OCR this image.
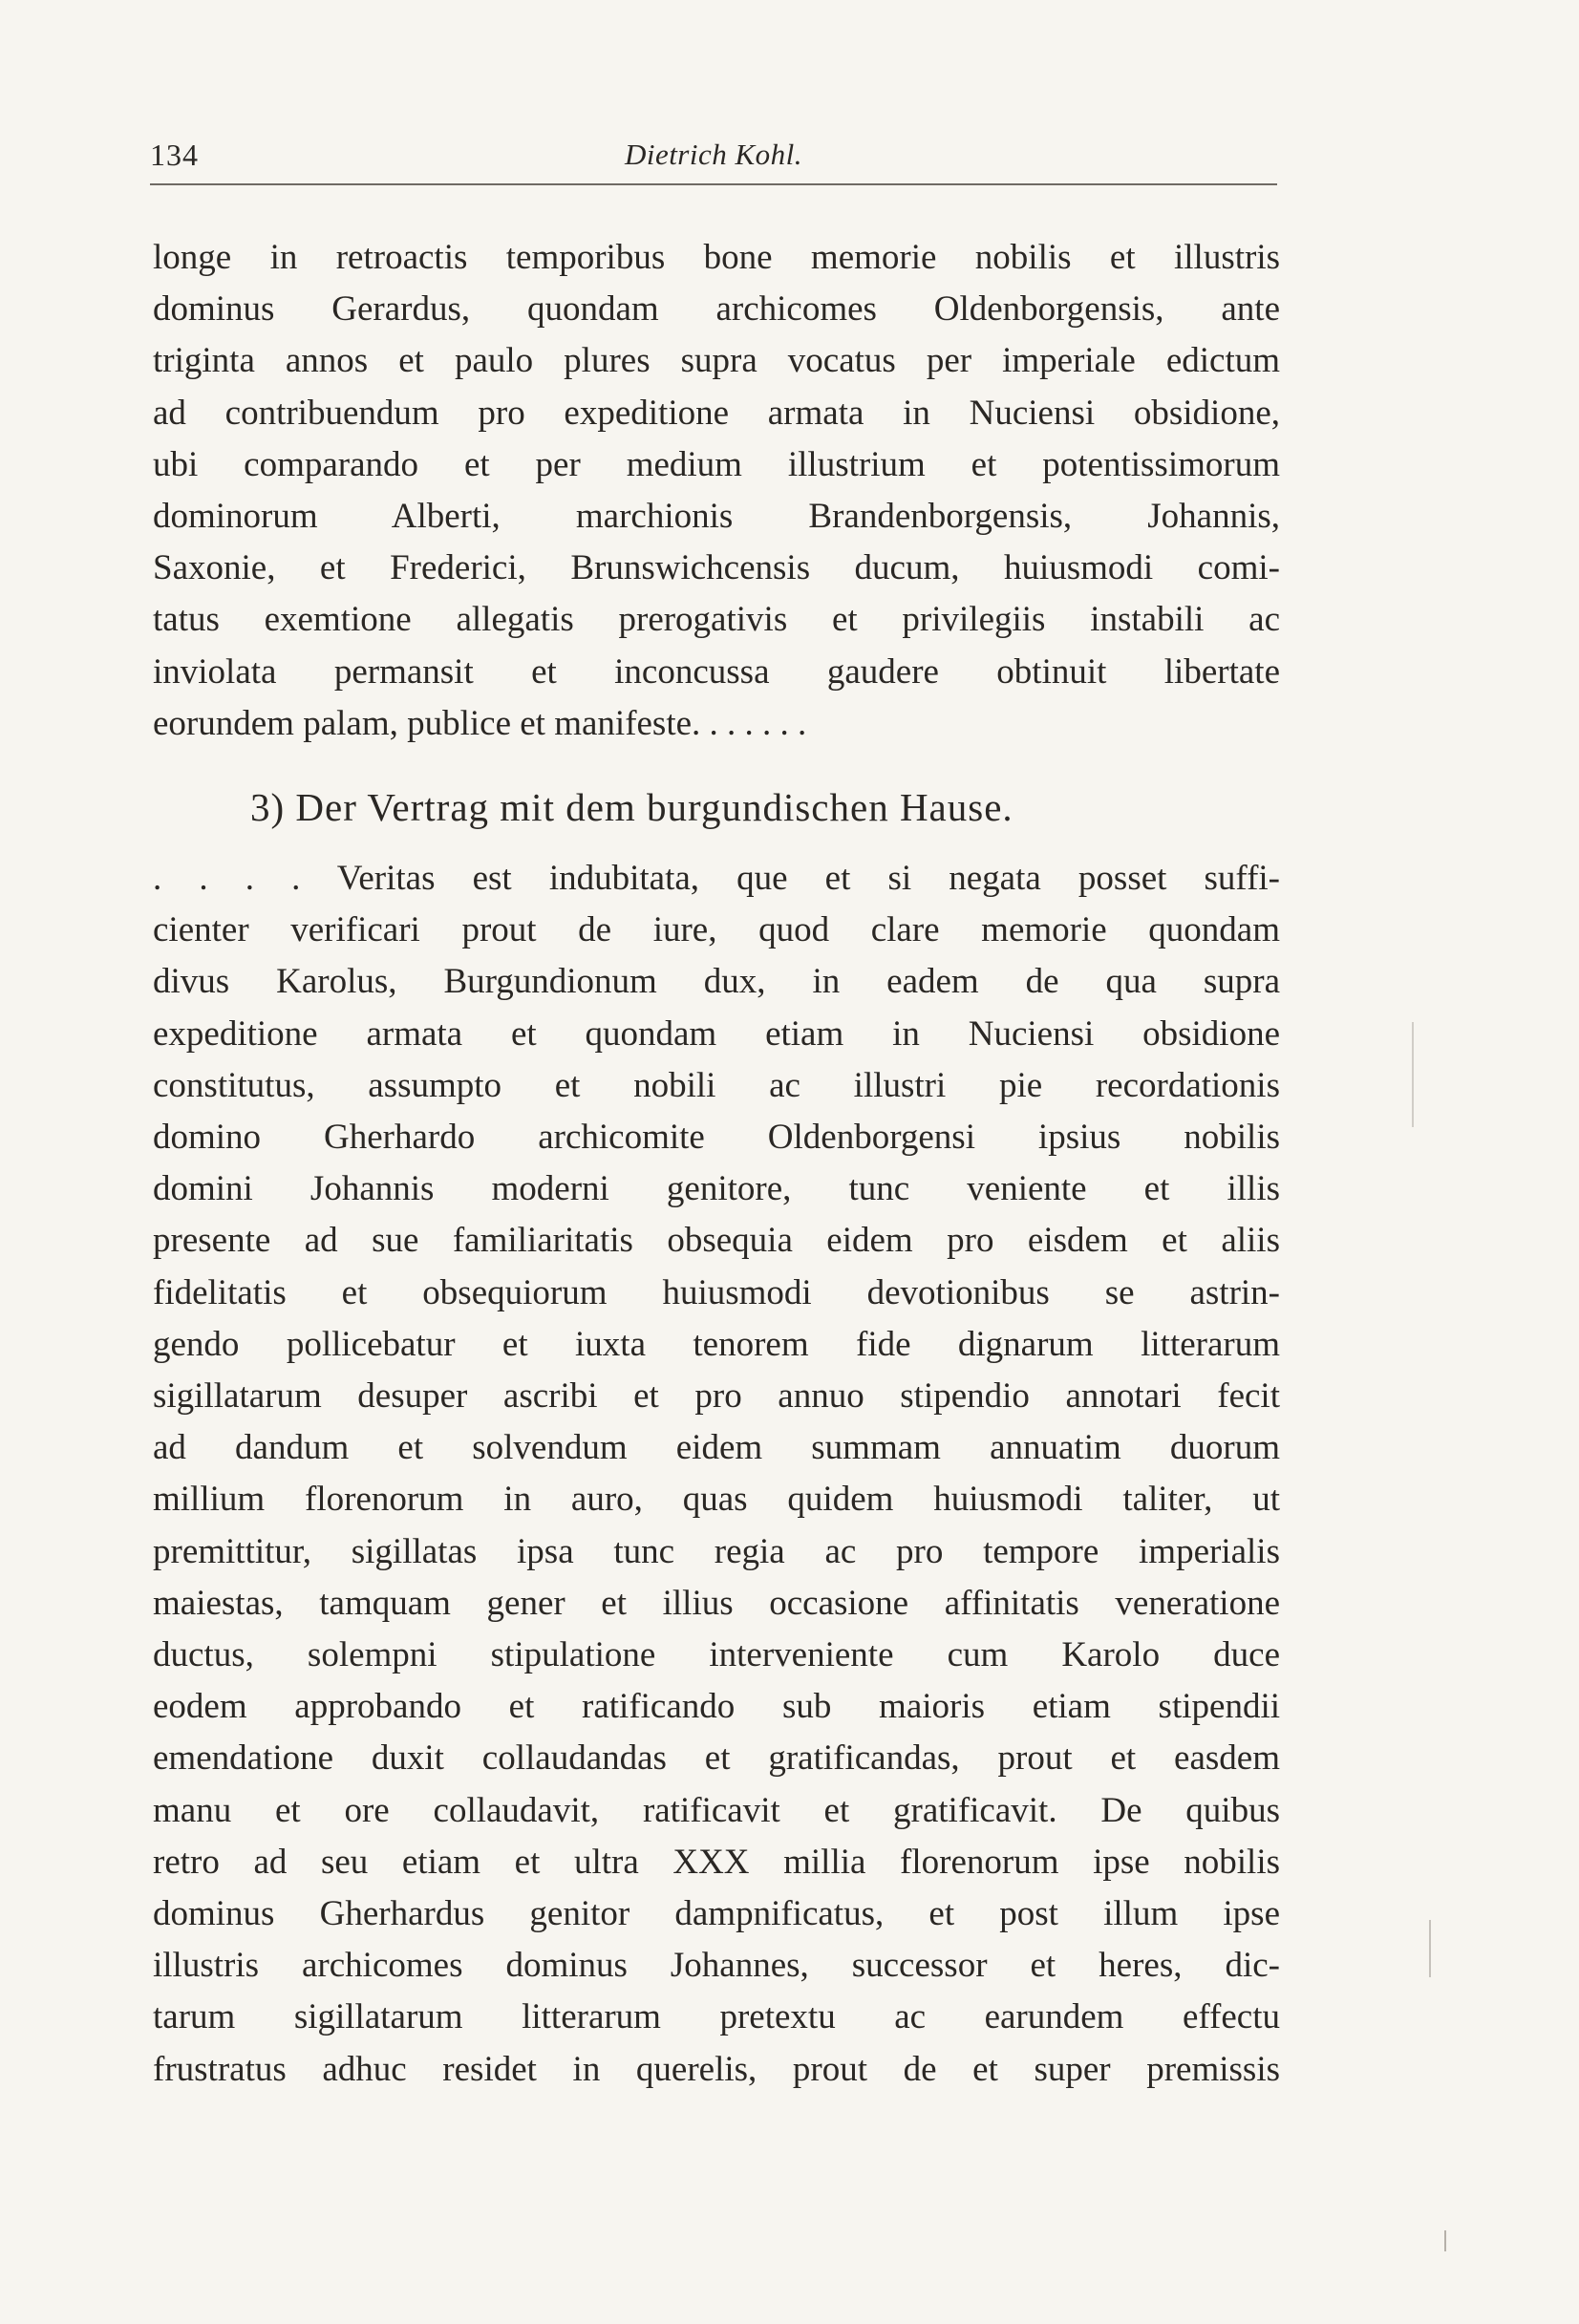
134	Dietrich Kohl.
longe in retroactis temporibus bone memorie nobilis et illustris
dominus Gerardus, quondam archicomes Oldenborgensis, ante
triginta annos et paulo plures supra vocatus per imperiale edictum
ad contribuendum pro expeditione armata in Nuciensi obsidione,
ubi comparando et per medium illustrium et potentissimorum
dominorum Alberti, marchionis Brandenborgensis, Johannis,
Saxonie, et Frederici, Brunswichcensis ducum, huiusmodi comi-
tatus exemtione allegatis prerogativis et privilegiis instabili ac
inviolata permansit et inconcussa gaudere obtinuit libertate
eorundem palam, publice et manifeste. . . . . . .
3) Der Vertrag mit dem burgundischen Hause.
. . . . Veritas est indubitata, que et si negata posset suffi-
cienter verificari prout de iure, quod clare memorie quondam
divus Karolus, Burgundionum dux, in eadem de qua supra
expeditione armata et quondam etiam in Nuciensi obsidione
constitutus, assumpto et nobili ac illustri pie recordationis
domino Gherhardo archicomite Oldenborgensi ipsius nobilis
domini Johannis moderni genitore, tunc veniente et illis
presente ad sue familiaritatis obsequia eidem pro eisdem et aliis
fidelitatis et obsequiorum huiusmodi devotionibus se astrin-
gendo pollicebatur et iuxta tenorem fide dignarum litterarum
sigillatarum desuper ascribi et pro annuo stipendio annotari fecit
ad dandum et solvendum eidem summam annuatim duorum
millium florenorum in auro, quas quidem huiusmodi taliter, ut
premittitur, sigillatas ipsa tunc regia ac pro tempore imperialis
maiestas, tamquam gener et illius occasione affinitatis veneratione
ductus, solempni stipulatione interveniente cum Karolo duce
eodem approbando et ratificando sub maioris etiam stipendii
emendatione duxit collaudandas et gratificandas, prout et easdem
manu et ore collaudavit, ratificavit et gratificavit. De quibus
retro ad seu etiam et ultra XXX millia florenorum ipse nobilis
dominus Gherhardus genitor dampnificatus, et post illum ipse
illustris archicomes dominus Johannes, successor et heres, dic-
tarum sigillatarum litterarum pretextu ac earundem effectu
frustratus adhuc residet in querelis, prout de et super premissis
